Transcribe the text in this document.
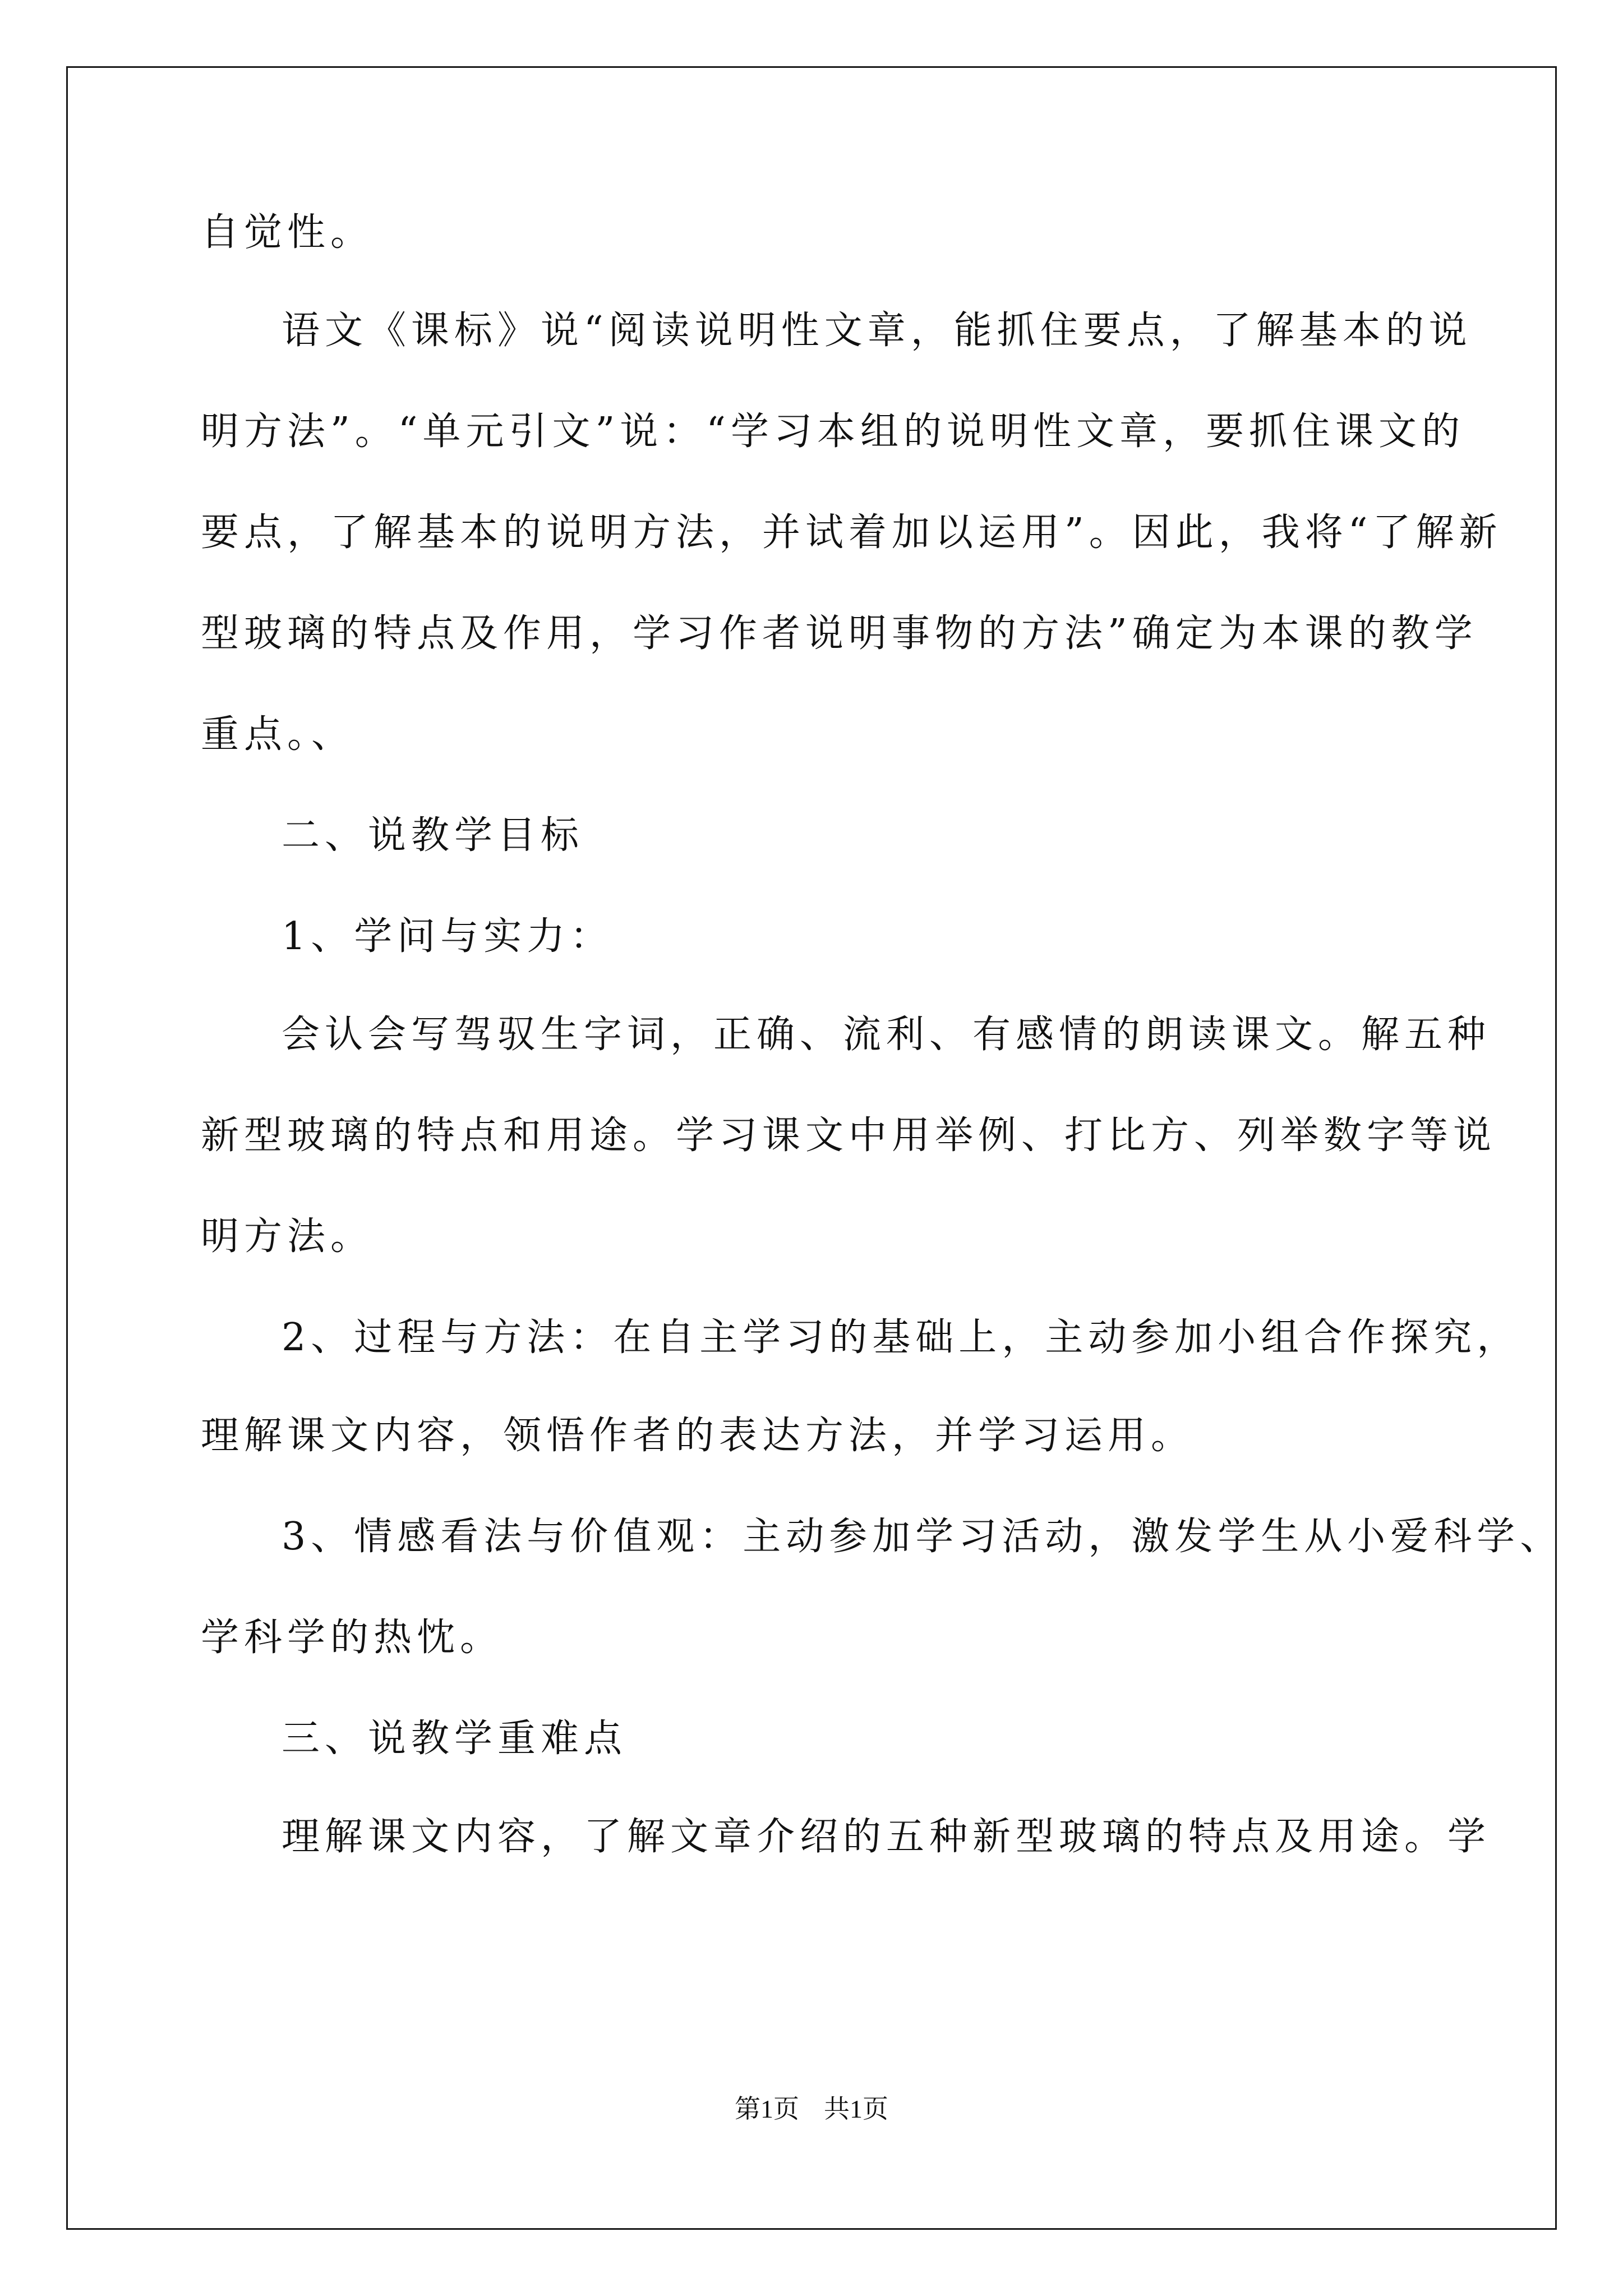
自觉性。
语文《课标》说“阅读说明性文章，能抓住要点，了解基本的说
明方法”。“单元引文”说：“学习本组的说明性文章，要抓住课文的
要点，了解基本的说明方法，并试着加以运用”。因此，我将“了解新
型玻璃的特点及作用，学习作者说明事物的方法”确定为本课的教学
重点。、
二、说教学目标
1、学问与实力：
会认会写驾驭生字词，正确、流利、有感情的朗读课文。解五种
新型玻璃的特点和用途。学习课文中用举例、打比方、列举数字等说
明方法。
2、过程与方法：在自主学习的基础上，主动参加小组合作探究，
理解课文内容，领悟作者的表达方法，并学习运用。
3、情感看法与价值观：主动参加学习活动，激发学生从小爱科学、
学科学的热忱。
三、说教学重难点
理解课文内容，了解文章介绍的五种新型玻璃的特点及用途。学
第1页 共1页
